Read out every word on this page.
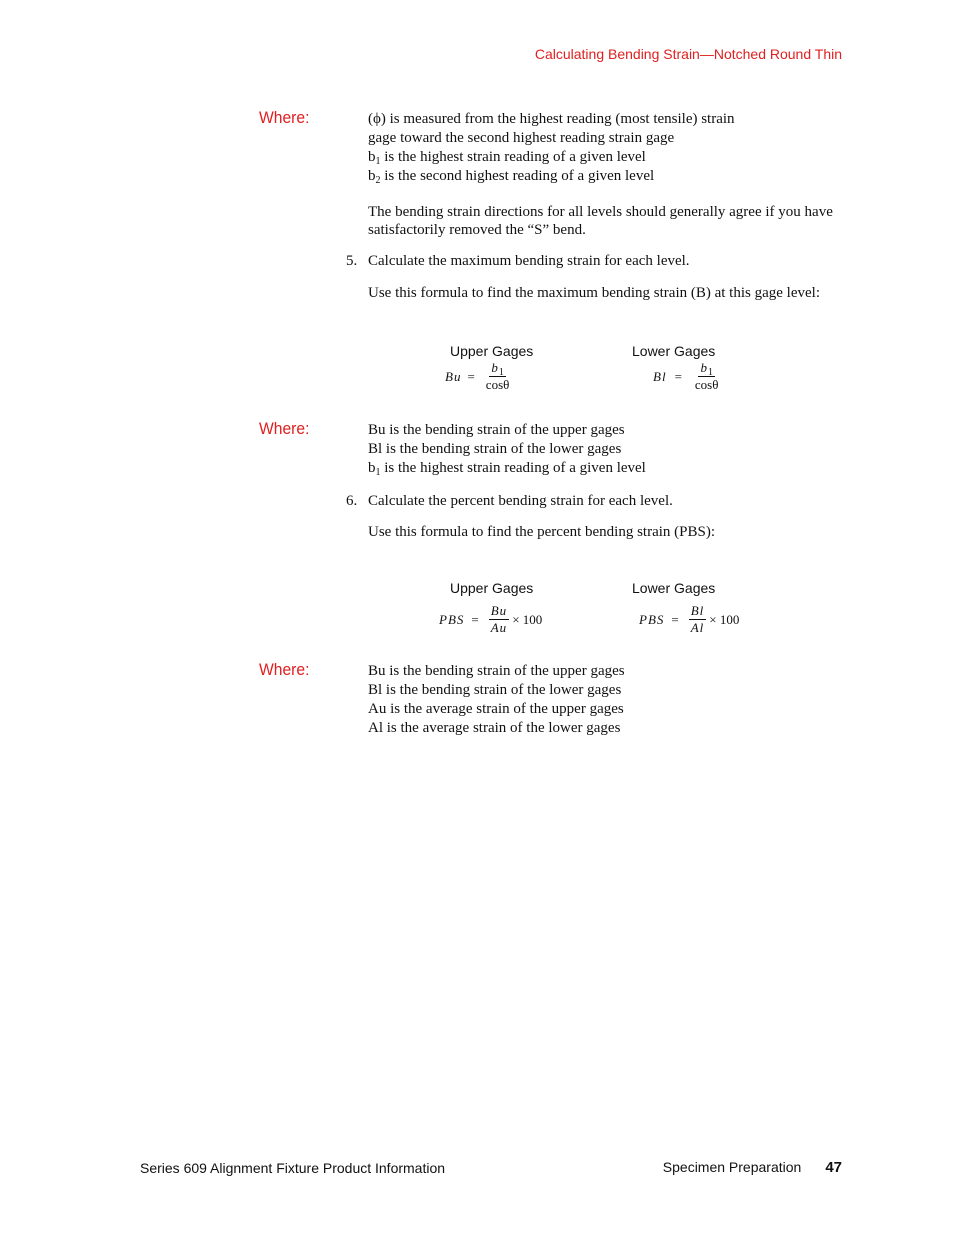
Calculating Bending Strain—Notched Round Thin
Where:	(ϕ) is measured from the highest reading (most tensile) strain
gage toward the second highest reading strain gage
$b_1$ is the highest strain reading of a given level
$b_2$ is the second highest reading of a given level
The bending strain directions for all levels should generally agree if you have satisfactorily removed the “S” bend.
5. Calculate the maximum bending strain for each level.
Use this formula to find the maximum bending strain (B) at this gage level:
Upper Gages	Lower Gages
$Bu = \frac{b_1}{\cos\theta}$	$Bl = \frac{b_1}{\cos\theta}$
Where:	Bu is the bending strain of the upper gages
Bl is the bending strain of the lower gages
$b_1$ is the highest strain reading of a given level
6. Calculate the percent bending strain for each level.
Use this formula to find the percent bending strain (PBS):
Upper Gages	Lower Gages
PBS = $\frac{Bu}{Au} \times 100$	PBS = $\frac{Bl}{Al} \times 100$
Where:	Bu is the bending strain of the upper gages
Bl is the bending strain of the lower gages
Au is the average strain of the upper gages
Al is the average strain of the lower gages
Series 609 Alignment Fixture Product Information	Specimen Preparation 47
